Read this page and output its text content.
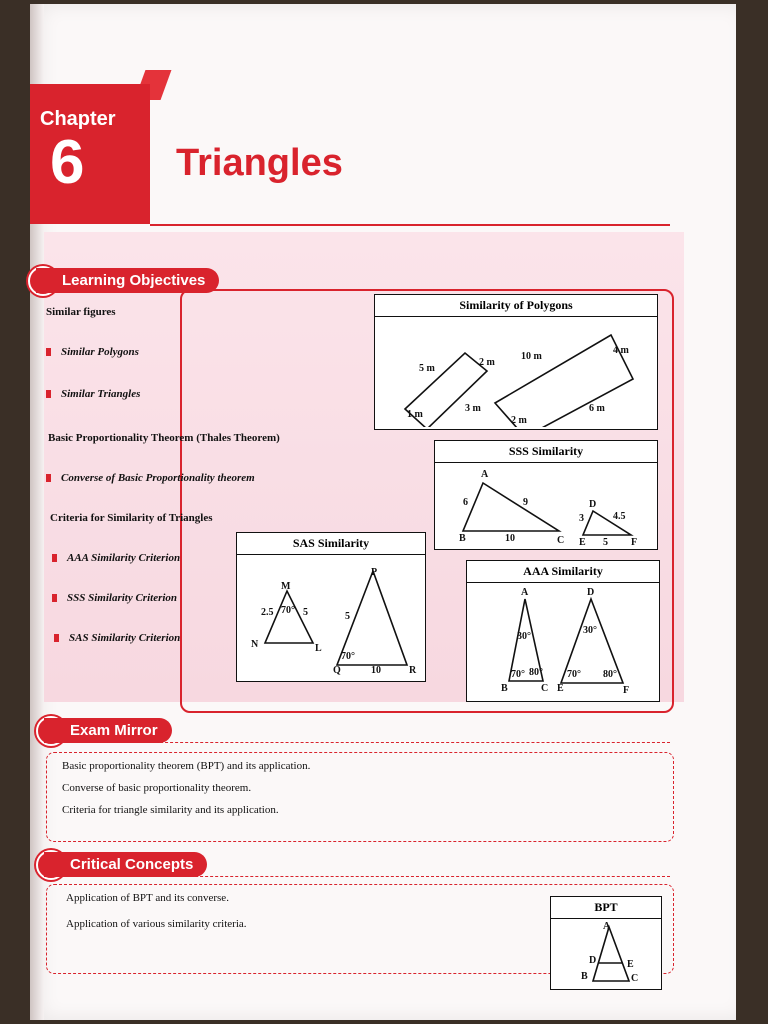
Chapter
6 Triangles
Learning Objectives
Similar figures
Similar Polygons
Similar Triangles
Basic Proportionality Theorem (Thales Theorem)
Converse of Basic Proportionality theorem
Criteria for Similarity of Triangles
AAA Similarity Criterion
SSS Similarity Criterion
SAS Similarity Criterion
Similarity of Polygons
5 m
2 m
1 m
3 m
10 m
4 m
2 m
6 m
SSS Similarity
A
6	9
B	10	C
D
3	4.5
E 5 F
SAS Similarity
M
2.5 70° 5
N	L
P
5
70°
Q	10	R
AAA Similarity
A
30°
70° 80°
B	C
D
30°
70° 80°
E	F
Exam Mirror
Basic proportionality theorem (BPT) and its application.
Converse of basic proportionality theorem.
Criteria for triangle similarity and its application.
Critical Concepts
Application of BPT and its converse.
Application of various similarity criteria.
BPT
A
D	E
B	C
